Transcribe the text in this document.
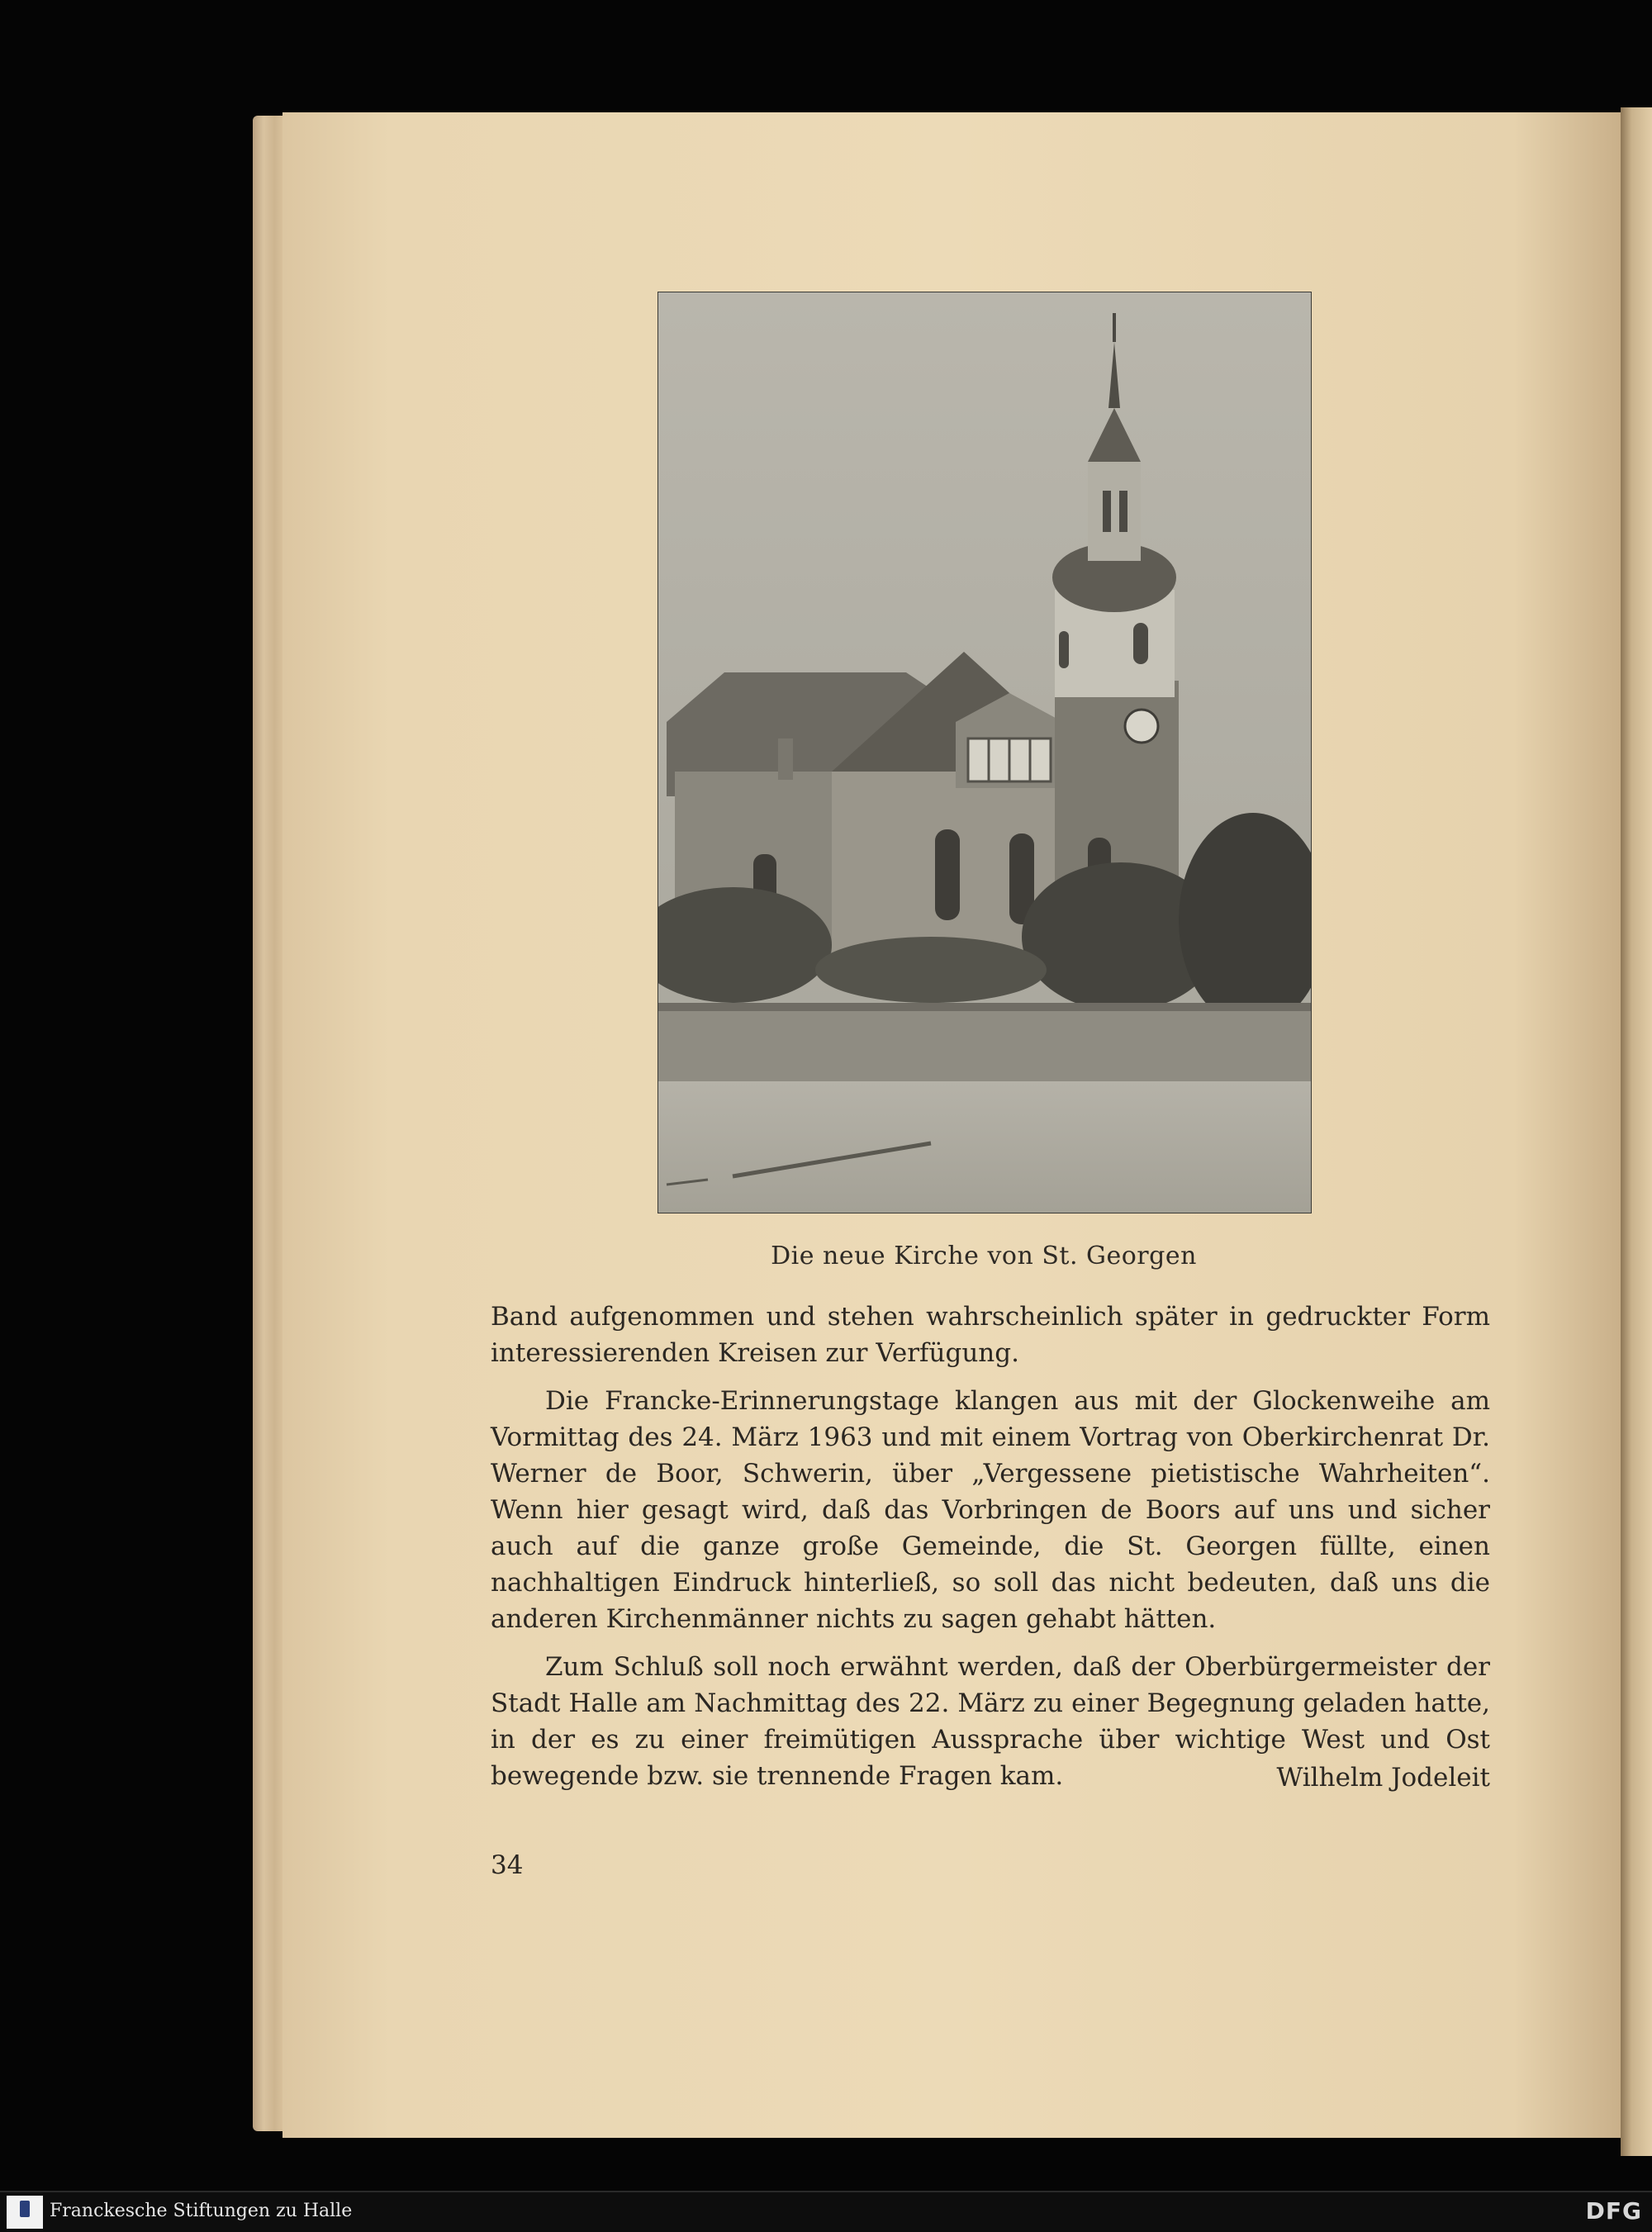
Die neue Kirche von St. Georgen

Band aufgenommen und stehen wahrscheinlich später in gedruckter Form interessierenden Kreisen zur Verfügung.

Die Francke-Erinnerungstage klangen aus mit der Glockenweihe am Vormittag des 24. März 1963 und mit einem Vortrag von Oberkirchenrat Dr. Werner de Boor, Schwerin, über „Vergessene pietistische Wahrheiten“. Wenn hier gesagt wird, daß das Vorbringen de Boors auf uns und sicher auch auf die ganze große Gemeinde, die St. Georgen füllte, einen nachhaltigen Eindruck hinterließ, so soll das nicht bedeuten, daß uns die anderen Kirchenmänner nichts zu sagen gehabt hätten.

Zum Schluß soll noch erwähnt werden, daß der Oberbürgermeister der Stadt Halle am Nachmittag des 22. März zu einer Begegnung geladen hatte, in der es zu einer freimütigen Aussprache über wichtige West und Ost bewegende bzw. sie trennende Fragen kam.	Wilhelm Jodeleit
34
Franckesche Stiftungen zu Halle	DFG
